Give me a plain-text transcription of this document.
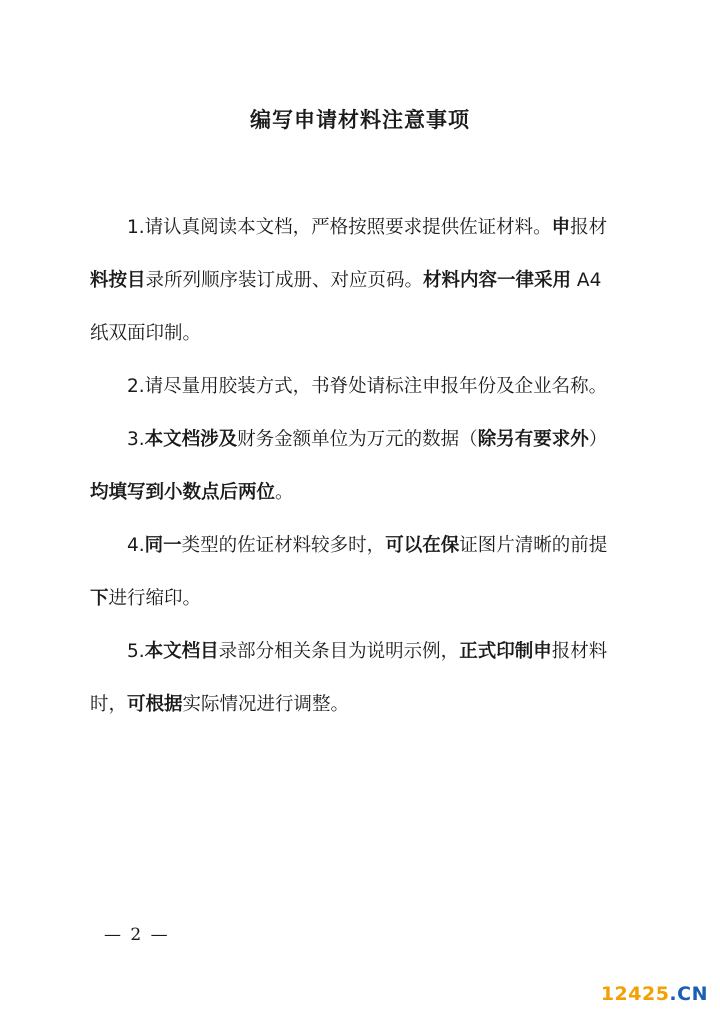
编写申请材料注意事项
1.请认真阅读本文档，严格按照要求提供佐证材料。申报材
料按目录所列顺序装订成册、对应页码。材料内容一律采用 A4
纸双面印制。
2.请尽量用胶装方式，书脊处请标注申报年份及企业名称。
3.本文档涉及财务金额单位为万元的数据（除另有要求外）
均填写到小数点后两位。
4.同一类型的佐证材料较多时，可以在保证图片清晰的前提
下进行缩印。
5.本文档目录部分相关条目为说明示例，正式印制申报材料
时，可根据实际情况进行调整。
— 2 —
12425.CN
